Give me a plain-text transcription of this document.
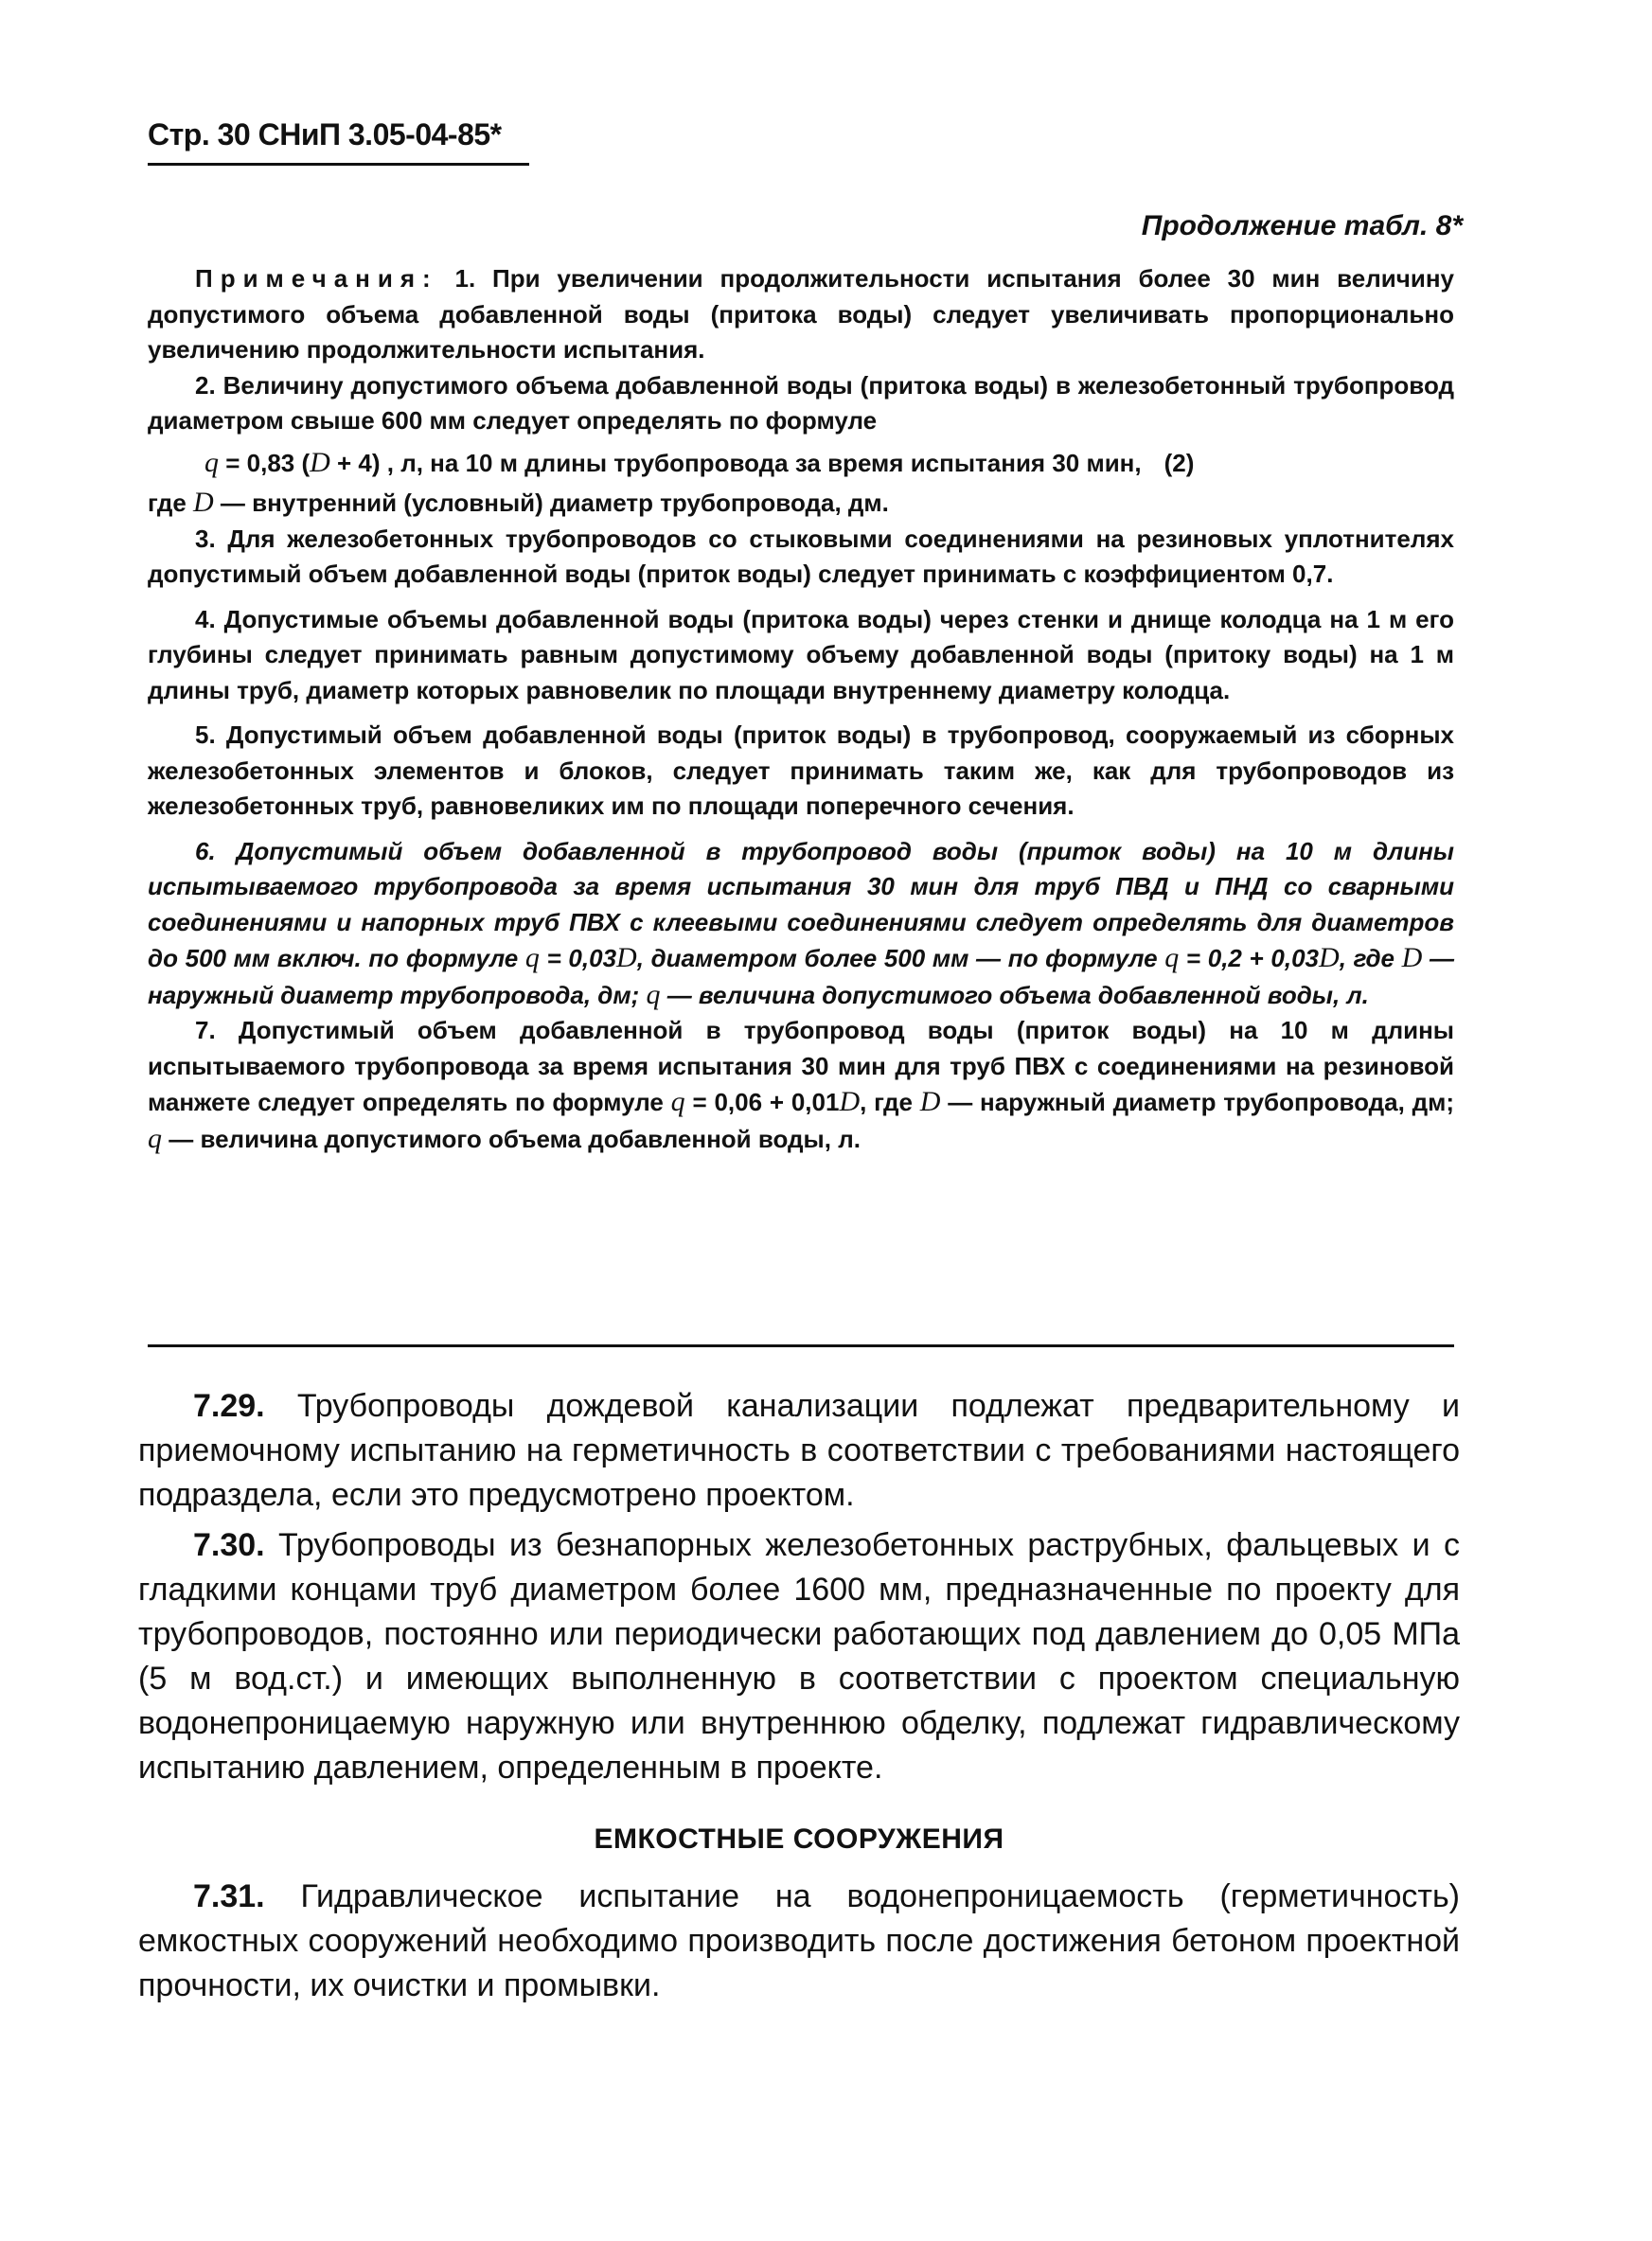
Стр. 30 СНиП 3.05-04-85*
Продолжение табл. 8*

Примечания: 1. При увеличении продолжительности испытания более 30 мин величину допустимого объема добавленной воды (притока воды) следует увеличивать пропорционально увеличению продолжительности испытания.

2. Величину допустимого объема добавленной воды (притока воды) в железобетонный трубопровод диаметром свыше 600 мм следует определять по формуле

q = 0,83 (D + 4) , л, на 10 м длины трубопровода за время испытания 30 мин, (2)

где D — внутренний (условный) диаметр трубопровода, дм.

3. Для железобетонных трубопроводов со стыковыми соединениями на резиновых уплотнителях допустимый объем добавленной воды (приток воды) следует принимать с коэффициентом 0,7.

4. Допустимые объемы добавленной воды (притока воды) через стенки и днище колодца на 1 м его глубины следует принимать равным допустимому объему добавленной воды (притоку воды) на 1 м длины труб, диаметр которых равновелик по площади внутреннему диаметру колодца.

5. Допустимый объем добавленной воды (приток воды) в трубопровод, сооружаемый из сборных железобетонных элементов и блоков, следует принимать таким же, как для трубопроводов из железобетонных труб, равновеликих им по площади поперечного сечения.

6. Допустимый объем добавленной в трубопровод воды (приток воды) на 10 м длины испытываемого трубопровода за время испытания 30 мин для труб ПВД и ПНД со сварными соединениями и напорных труб ПВХ с клеевыми соединениями следует определять для диаметров до 500 мм включ. по формуле q = 0,03D, диаметром более 500 мм — по формуле q = 0,2 + 0,03D, где D — наружный диаметр трубопровода, дм; q — величина допустимого объема добавленной воды, л.

7. Допустимый объем добавленной в трубопровод воды (приток воды) на 10 м длины испытываемого трубопровода за время испытания 30 мин для труб ПВХ с соединениями на резиновой манжете следует определять по формуле q = 0,06 + 0,01D, где D — наружный диаметр трубопровода, дм; q — величина допустимого объема добавленной воды, л.

7.29. Трубопроводы дождевой канализации подлежат предварительному и приемочному испытанию на герметичность в соответствии с требованиями настоящего подраздела, если это предусмотрено проектом.

7.30. Трубопроводы из безнапорных железобетонных раструбных, фальцевых и с гладкими концами труб диаметром более 1600 мм, предназначенные по проекту для трубопроводов, постоянно или периодически работающих под давлением до 0,05 МПа (5 м вод.ст.) и имеющих выполненную в соответствии с проектом специальную водонепроницаемую наружную или внутреннюю обделку, подлежат гидравлическому испытанию давлением, определенным в проекте.

ЕМКОСТНЫЕ СООРУЖЕНИЯ

7.31. Гидравлическое испытание на водонепроницаемость (герметичность) емкостных сооружений необходимо производить после достижения бетоном проектной прочности, их очистки и промывки.
